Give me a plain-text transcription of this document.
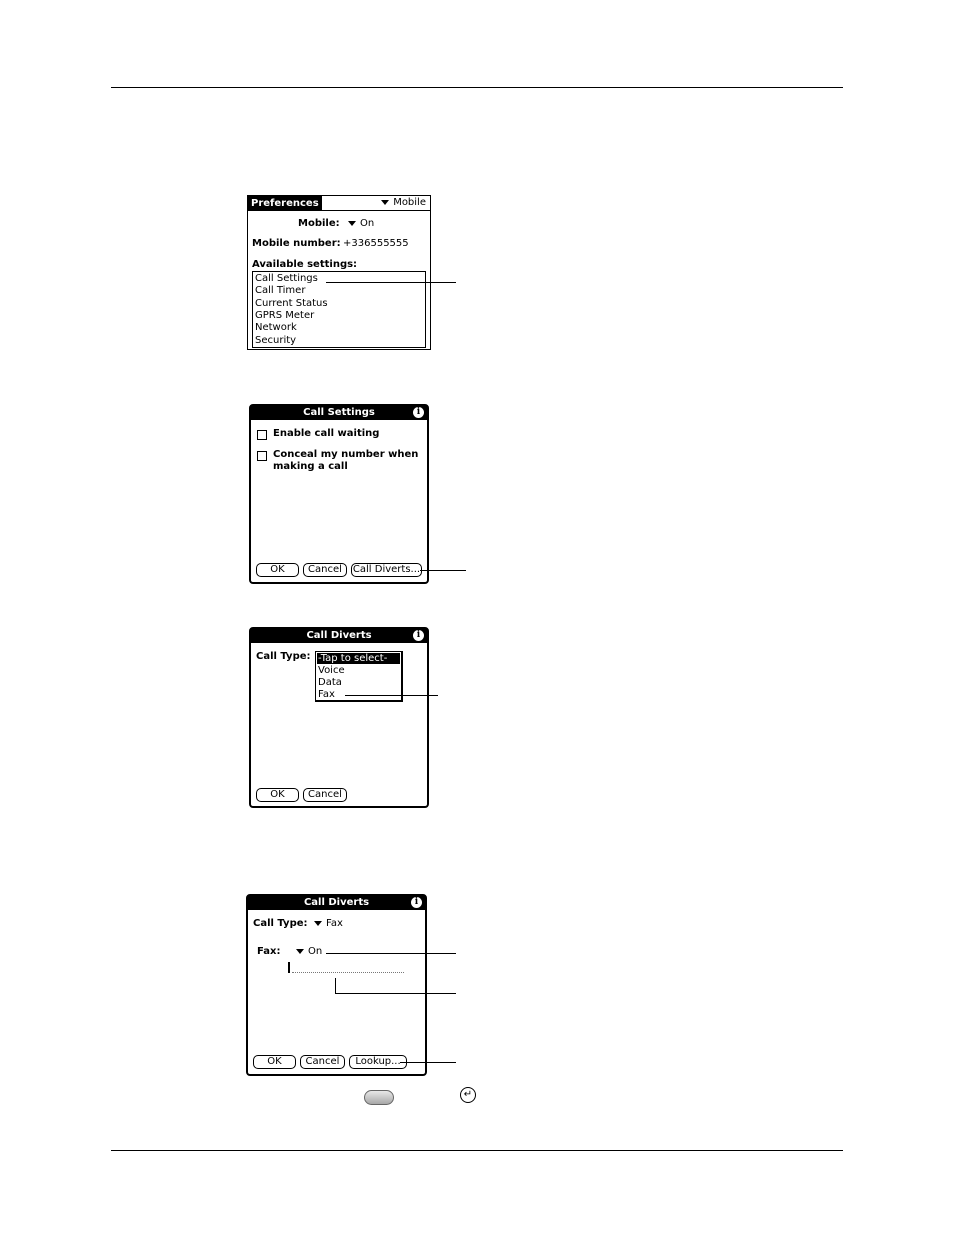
Preferences	Mobile
Mobile:	On
Mobile number: +336555555
Available settings:
Call Settings
Call Timer
Current Status
GPRS Meter
Network
Security
Call Settings	i
Enable call waiting
Conceal my number when
making a call
OK	Cancel	Call Diverts...
Call Diverts	i
Call Type: -Tap to select-
Voice
Data
Fax
OK	Cancel
Call Diverts	i
Call Type:	Fax
Fax:	On
OK	Cancel	Lookup...
↵
